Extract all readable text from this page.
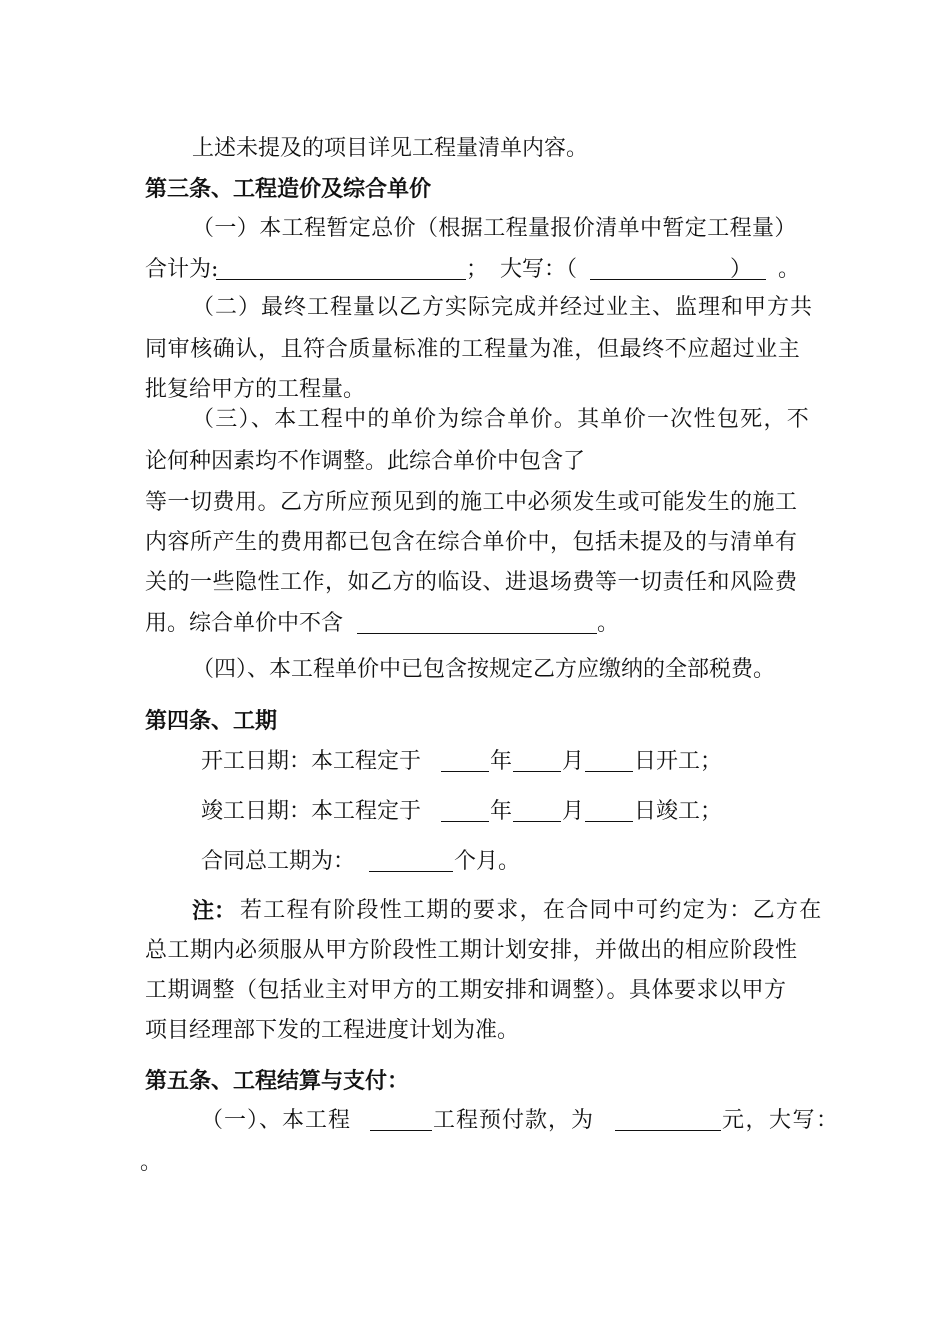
上述未提及的项目详见工程量清单内容。
第三条、工程造价及综合单价
（一）本工程暂定总价（根据工程量报价清单中暂定工程量）
合计为:	； 大写：（	） 。
（二）最终工程量以乙方实际完成并经过业主、监理和甲方共
同审核确认，且符合质量标准的工程量为准，但最终不应超过业主
批复给甲方的工程量。
（三）、本工程中的单价为综合单价。其单价一次性包死，不
论何种因素均不作调整。此综合单价中包含了
等一切费用。乙方所应预见到的施工中必须发生或可能发生的施工
内容所产生的费用都已包含在综合单价中，包括未提及的与清单有
关的一些隐性工作，如乙方的临设、进退场费等一切责任和风险费
用。综合单价中不含	。
（四）、本工程单价中已包含按规定乙方应缴纳的全部税费。
第四条、工期
开工日期：本工程定于	年 月 日开工；
竣工日期：本工程定于	年 月 日竣工；
合同总工期为：	个月。
注： 若工程有阶段性工期的要求，在合同中可约定为：乙方在
总工期内必须服从甲方阶段性工期计划安排，并做出的相应阶段性
工期调整（包括业主对甲方的工期安排和调整）。具体要求以甲方
项目经理部下发的工程进度计划为准。
第五条、工程结算与支付：
（一）、本工程	工程预付款，为	元，大写：
。
